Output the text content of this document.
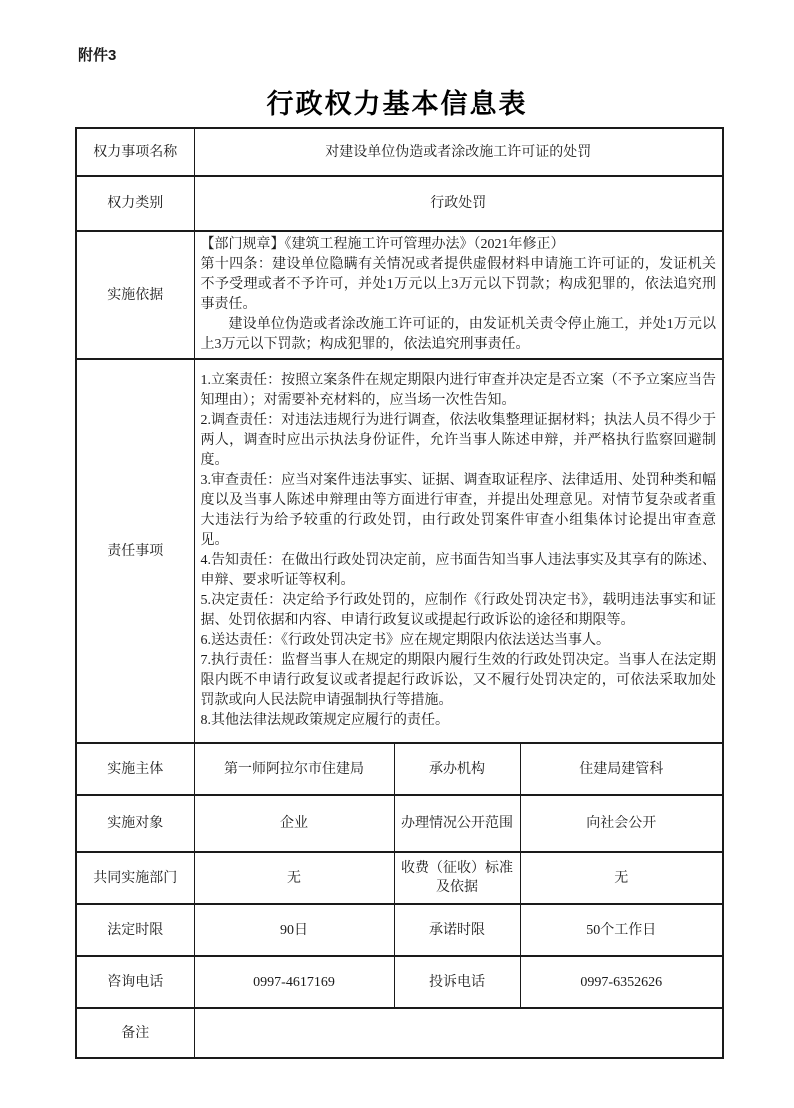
附件3
行政权力基本信息表
权力事项名称	对建设单位伪造或者涂改施工许可证的处罚		
权力类别	行政处罚		
实施依据	【部门规章】《建筑工程施工许可管理办法》（2021年修正）
第十四条：建设单位隐瞒有关情况或者提供虚假材料申请施工许可证的，发证机关不予受理或者不予许可，并处1万元以上3万元以下罚款；构成犯罪的，依法追究刑事责任。
建设单位伪造或者涂改施工许可证的，由发证机关责令停止施工，并处1万元以上3万元以下罚款；构成犯罪的，依法追究刑事责任。		

责任事项	
1.立案责任：按照立案条件在规定期限内进行审查并决定是否立案（不予立案应当告知理由）；对需要补充材料的，应当场一次性告知。
2.调查责任：对违法违规行为进行调查，依法收集整理证据材料；执法人员不得少于两人，调查时应出示执法身份证件，允许当事人陈述申辩，并严格执行监察回避制度。
3.审查责任：应当对案件违法事实、证据、调查取证程序、法律适用、处罚种类和幅度以及当事人陈述申辩理由等方面进行审查，并提出处理意见。对情节复杂或者重大违法行为给予较重的行政处罚，由行政处罚案件审查小组集体讨论提出审查意见。
4.告知责任：在做出行政处罚决定前，应书面告知当事人违法事实及其享有的陈述、申辩、要求听证等权利。
5.决定责任：决定给予行政处罚的，应制作《行政处罚决定书》，载明违法事实和证据、处罚依据和内容、申请行政复议或提起行政诉讼的途径和期限等。
6.送达责任：《行政处罚决定书》应在规定期限内依法送达当事人。
7.执行责任：监督当事人在规定的期限内履行生效的行政处罚决定。当事人在法定期限内既不申请行政复议或者提起行政诉讼，又不履行处罚决定的，可依法采取加处罚款或向人民法院申请强制执行等措施。
8.其他法律法规政策规定应履行的责任。

实施主体	第一师阿拉尔市住建局	承办机构	住建局建管科
实施对象	企业	办理情况公开范围	向社会公开
共同实施部门	无	收费（征收）标准及依据	无
法定时限	90日	承诺时限	50个工作日
咨询电话	0997-4617169	投诉电话	0997-6352626
备注			
